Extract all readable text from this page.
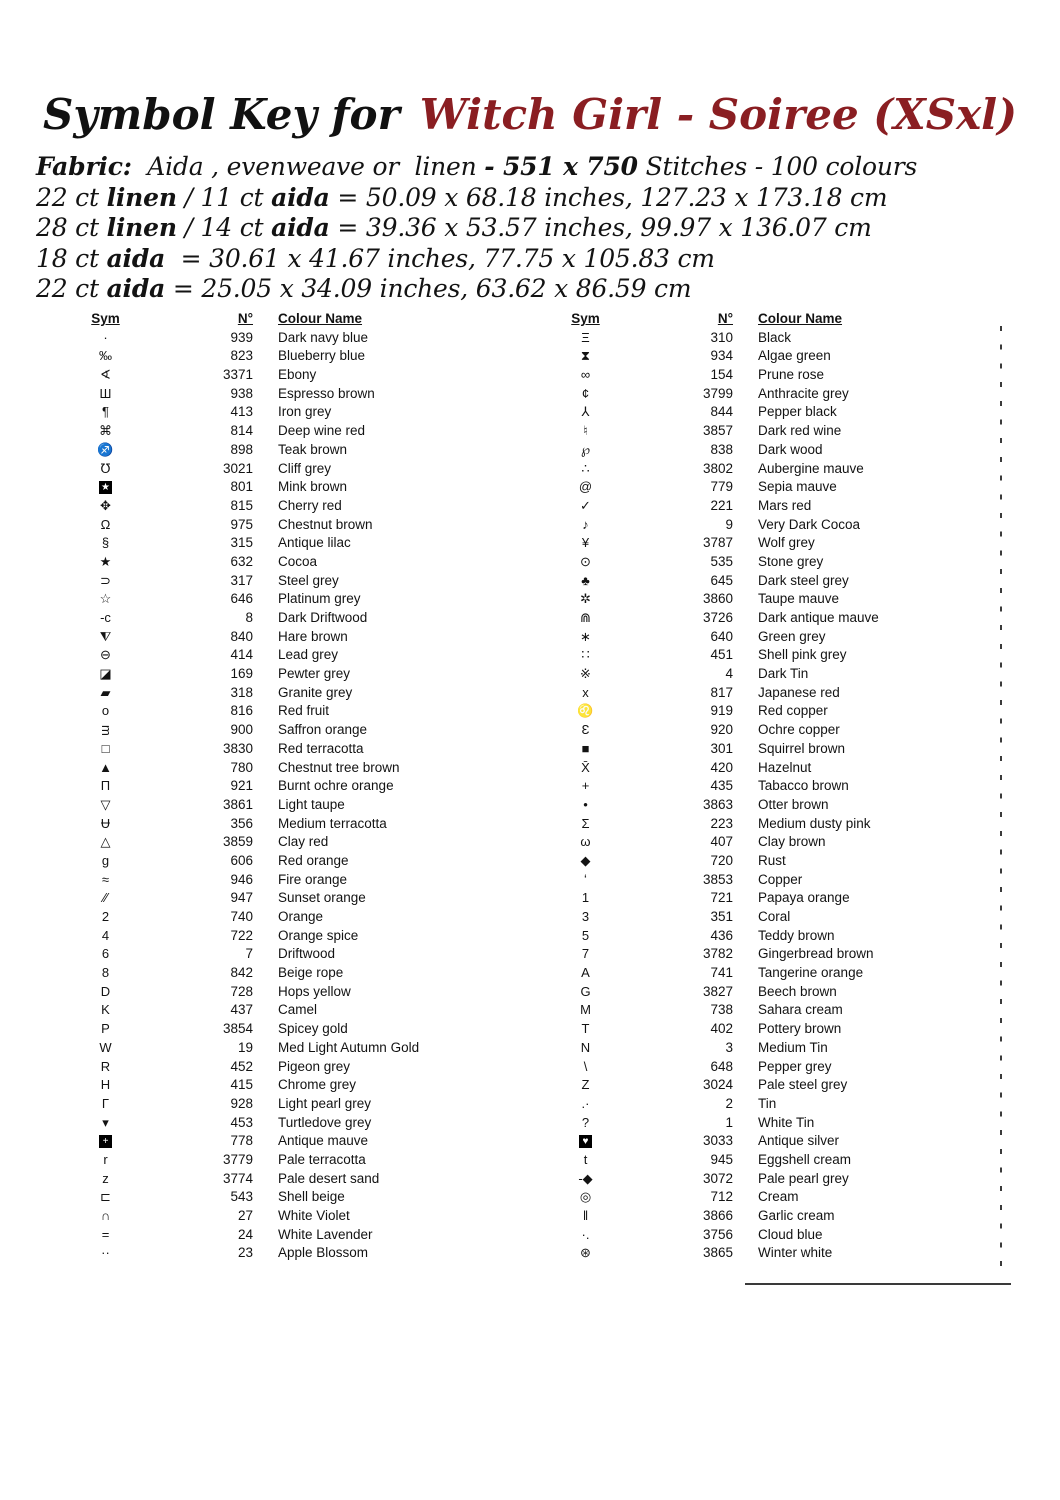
Symbol Key for Witch Girl - Soiree (XSxl)
Fabric:  Aida , evenweave or  linen - 551 x 750 Stitches - 100 colours
22 ct linen / 11 ct aida = 50.09 x 68.18 inches, 127.23 x 173.18 cm
28 ct linen / 14 ct aida = 39.36 x 53.57 inches, 99.97 x 136.07 cm
18 ct aida  = 30.61 x 41.67 inches, 77.75 x 105.83 cm
22 ct aida = 25.05 x 34.09 inches, 63.62 x 86.59 cm
Sym	N°	Colour Name
·	939	Dark navy blue
‰	823	Blueberry blue
∢	3371	Ebony
Ш	938	Espresso brown
¶	413	Iron grey
⌘	814	Deep wine red
♐	898	Teak brown
℧	3021	Cliff grey
★	801	Mink brown
✥	815	Cherry red
Ω	975	Chestnut brown
§	315	Antique lilac
★	632	Cocoa
⊃	317	Steel grey
☆	646	Platinum grey
-c	8	Dark Driftwood
⧨	840	Hare brown
⊖	414	Lead grey
◪	169	Pewter grey
▰	318	Granite grey
o	816	Red fruit
ᴟ	900	Saffron orange
□	3830	Red terracotta
▲	780	Chestnut tree brown
Π	921	Burnt ochre orange
▽	3861	Light taupe
Ʉ	356	Medium terracotta
△	3859	Clay red
g	606	Red orange
≈	946	Fire orange
∕∕	947	Sunset orange
2	740	Orange
4	722	Orange spice
6	7	Driftwood
8	842	Beige rope
D	728	Hops yellow
K	437	Camel
P	3854	Spicey gold
W	19	Med Light Autumn Gold
R	452	Pigeon grey
H	415	Chrome grey
Γ	928	Light pearl grey
▾	453	Turtledove grey
+	778	Antique mauve
r	3779	Pale terracotta
z	3774	Pale desert sand
⊏	543	Shell beige
∩	27	White Violet
=	24	White Lavender
··	23	Apple Blossom
Sym	N°	Colour Name
Ξ	310	Black
⧗	934	Algae green
∞	154	Prune rose
¢	3799	Anthracite grey
⅄	844	Pepper black
♮	3857	Dark red wine
℘	838	Dark wood
∴	3802	Aubergine mauve
@	779	Sepia mauve
✓	221	Mars red
♪	9	Very Dark Cocoa
¥	3787	Wolf grey
⊙	535	Stone grey
♣	645	Dark steel grey
✲	3860	Taupe mauve
⋒	3726	Dark antique mauve
∗	640	Green grey
∷	451	Shell pink grey
※	4	Dark Tin
x	817	Japanese red
♌	919	Red copper
Ɛ	920	Ochre copper
■	301	Squirrel brown
X̄	420	Hazelnut
+	435	Tabacco brown
•	3863	Otter brown
Σ	223	Medium dusty pink
ω	407	Clay brown
◆	720	Rust
ʻ	3853	Copper
1	721	Papaya orange
3	351	Coral
5	436	Teddy brown
7	3782	Gingerbread brown
A	741	Tangerine orange
G	3827	Beech brown
M	738	Sahara cream
T	402	Pottery brown
N	3	Medium Tin
\	648	Pepper grey
Z	3024	Pale steel grey
.·	2	Tin
?	1	White Tin
♥	3033	Antique silver
t	945	Eggshell cream
-◆	3072	Pale pearl grey
◎	712	Cream
‖	3866	Garlic cream
·.	3756	Cloud blue
⊛	3865	Winter white
